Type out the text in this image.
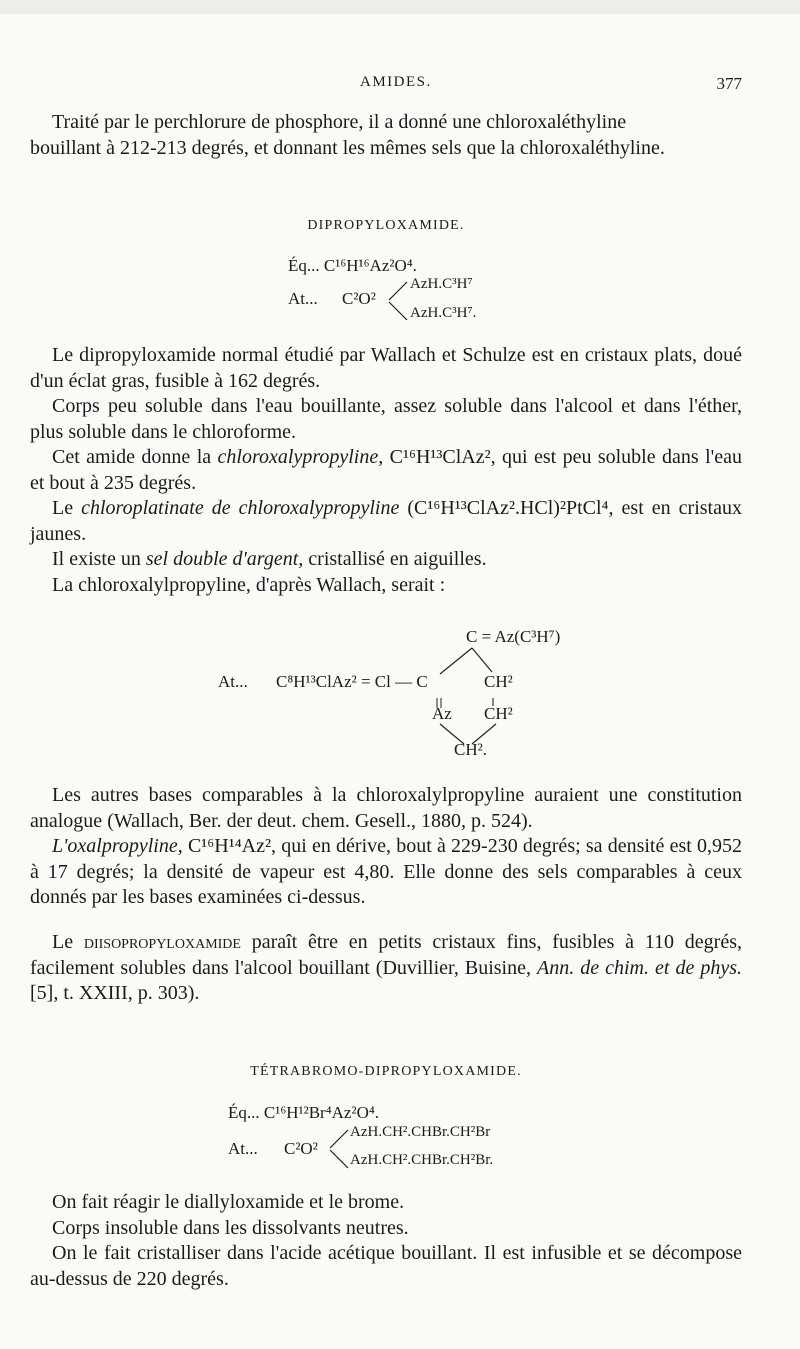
AMIDES.	377

Traité par le perchlorure de phosphore, il a donné une chloroxaléthyline

bouillant à 212-213 degrés, et donnant les mêmes sels que la chloroxaléthyline.

DIPROPYLOXAMIDE.
Éq... C¹⁶H¹⁶Az²O⁴.
At... C²O²
AzH.C³H⁷
AzH.C³H⁷.

Le dipropyloxamide normal étudié par Wallach et Schulze est en cristaux plats, doué d'un éclat gras, fusible à 162 degrés.

Corps peu soluble dans l'eau bouillante, assez soluble dans l'alcool et dans l'éther, plus soluble dans le chloroforme.

Cet amide donne la chloroxalypropyline, C¹⁶H¹³ClAz², qui est peu soluble dans l'eau et bout à 235 degrés.

Le chloroplatinate de chloroxalypropyline (C¹⁶H¹³ClAz².HCl)²PtCl⁴, est en cristaux jaunes.

Il existe un sel double d'argent, cristallisé en aiguilles.

La chloroxalylpropyline, d'après Wallach, serait :

C = Az(C³H⁷)
At... C⁸H¹³ClAz² = Cl — C	CH²
Az CH²
CH².

Les autres bases comparables à la chloroxalylpropyline auraient une constitution analogue (Wallach, Ber. der deut. chem. Gesell., 1880, p. 524).

L'oxalpropyline, C¹⁶H¹⁴Az², qui en dérive, bout à 229-230 degrés; sa densité est 0,952 à 17 degrés; la densité de vapeur est 4,80. Elle donne des sels comparables à ceux donnés par les bases examinées ci-dessus.

Le diisopropyloxamide paraît être en petits cristaux fins, fusibles à 110 degrés, facilement solubles dans l'alcool bouillant (Duvillier, Buisine, Ann. de chim. et de phys. [5], t. XXIII, p. 303).

TÉTRABROMO-DIPROPYLOXAMIDE.
Éq... C¹⁶H¹²Br⁴Az²O⁴.
At... C²O²
AzH.CH².CHBr.CH²Br
AzH.CH².CHBr.CH²Br.

On fait réagir le diallyloxamide et le brome.

Corps insoluble dans les dissolvants neutres.

On le fait cristalliser dans l'acide acétique bouillant. Il est infusible et se décompose au-dessus de 220 degrés.
